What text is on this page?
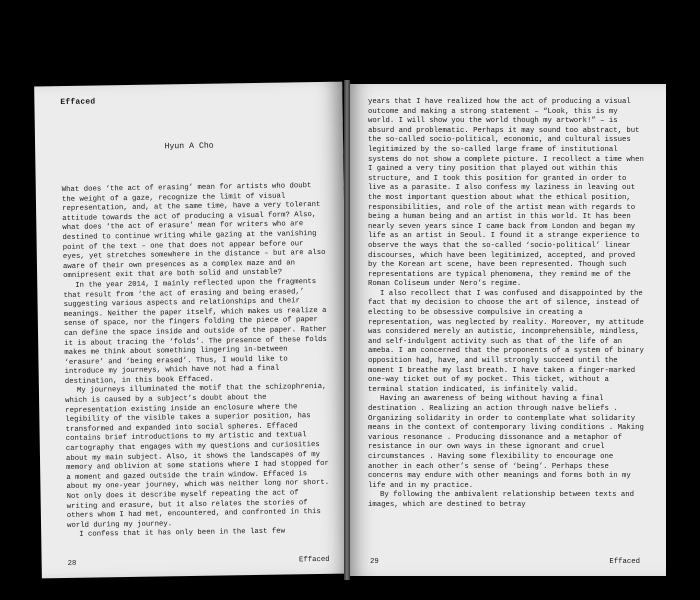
Effaced
Hyun A Cho

What does ‘the act of erasing’ mean for artists who doubt the weight of a gaze, recognize the limit of visual representation, and, at the same time, have a very tolerant attitude towards the act of producing a visual form? Also, what does ‘the act of erasure’ mean for writers who are destined to continue writing while gazing at the vanishing point of the text – one that does not appear before our eyes, yet stretches somewhere in the distance – but are also aware of their own presences as a complex maze and an omnipresent exit that are both solid and unstable?

In the year 2014, I mainly reflected upon the fragments that result from ‘the act of erasing and being erased,’ suggesting various aspects and relationships and their meanings. Neither the paper itself, which makes us realize a sense of space, nor the fingers folding the piece of paper can define the space inside and outside of the paper. Rather it is about tracing the ‘folds’. The presence of these folds makes me think about something lingering in-between ‘erasure’ and ‘being erased’. Thus, I would like to introduce my journeys, which have not had a final destination, in this book Effaced.

My journeys illuminated the motif that the schizophrenia, which is caused by a subject’s doubt about the representation existing inside an enclosure where the legibility of the visible takes a superior position, has transformed and expanded into social spheres. Effaced contains brief introductions to my artistic and textual cartography that engages with my questions and curiosities about my main subject. Also, it shows the landscapes of my memory and oblivion at some stations where I had stopped for a moment and gazed outside the train window. Effaced is about my one-year journey, which was neither long nor short. Not only does it describe myself repeating the act of writing and erasure, but it also relates the stories of others whom I had met, encountered, and confronted in this world during my journey.

I confess that it has only been in the last few

28	Effaced

years that I have realized how the act of producing a visual outcome and making a strong statement – “Look, this is my world. I will show you the world though my artwork!” – is absurd and problematic. Perhaps it may sound too abstract, but the so-called socio-political, economic, and cultural issues legitimized by the so-called large frame of institutional systems do not show a complete picture. I recollect a time when I gained a very tiny position that played out within this structure, and I took this position for granted in order to live as a parasite. I also confess my laziness in leaving out the most important question about what the ethical position, responsibilities, and role of the artist mean with regards to being a human being and an artist in this world. It has been nearly seven years since I came back from London and began my life as an artist in Seoul. I found it a strange experience to observe the ways that the so-called ‘socio-political’ linear discourses, which have been legitimized, accepted, and proved by the Korean art scene, have been represented. Though such representations are typical phenomena, they remind me of the Roman Coliseum under Nero’s regime.

I also recollect that I was confused and disappointed by the fact that my decision to choose the art of silence, instead of electing to be obsessive compulsive in creating a representation, was neglected by reality. Moreover, my attitude was considered merely an autistic, incomprehensible, mindless, and self-indulgent activity such as that of the life of an ameba. I am concerned that the proponents of a system of binary opposition had, have, and will strongly succeed until the moment I breathe my last breath. I have taken a finger-marked one-way ticket out of my pocket. This ticket, without a terminal station indicated, is infinitely valid.

Having an awareness of being without having a final destination . Realizing an action through naïve beliefs . Organizing solidarity in order to contemplate what solidarity means in the context of contemporary living conditions . Making various resonance . Producing dissonance and a metaphor of resistance in our own ways in these ignorant and cruel circumstances . Having some flexibility to encourage one another in each other’s sense of ‘being’. Perhaps these concerns may endure with other meanings and forms both in my life and in my practice.

By following the ambivalent relationship between texts and images, which are destined to betray

29	Effaced
